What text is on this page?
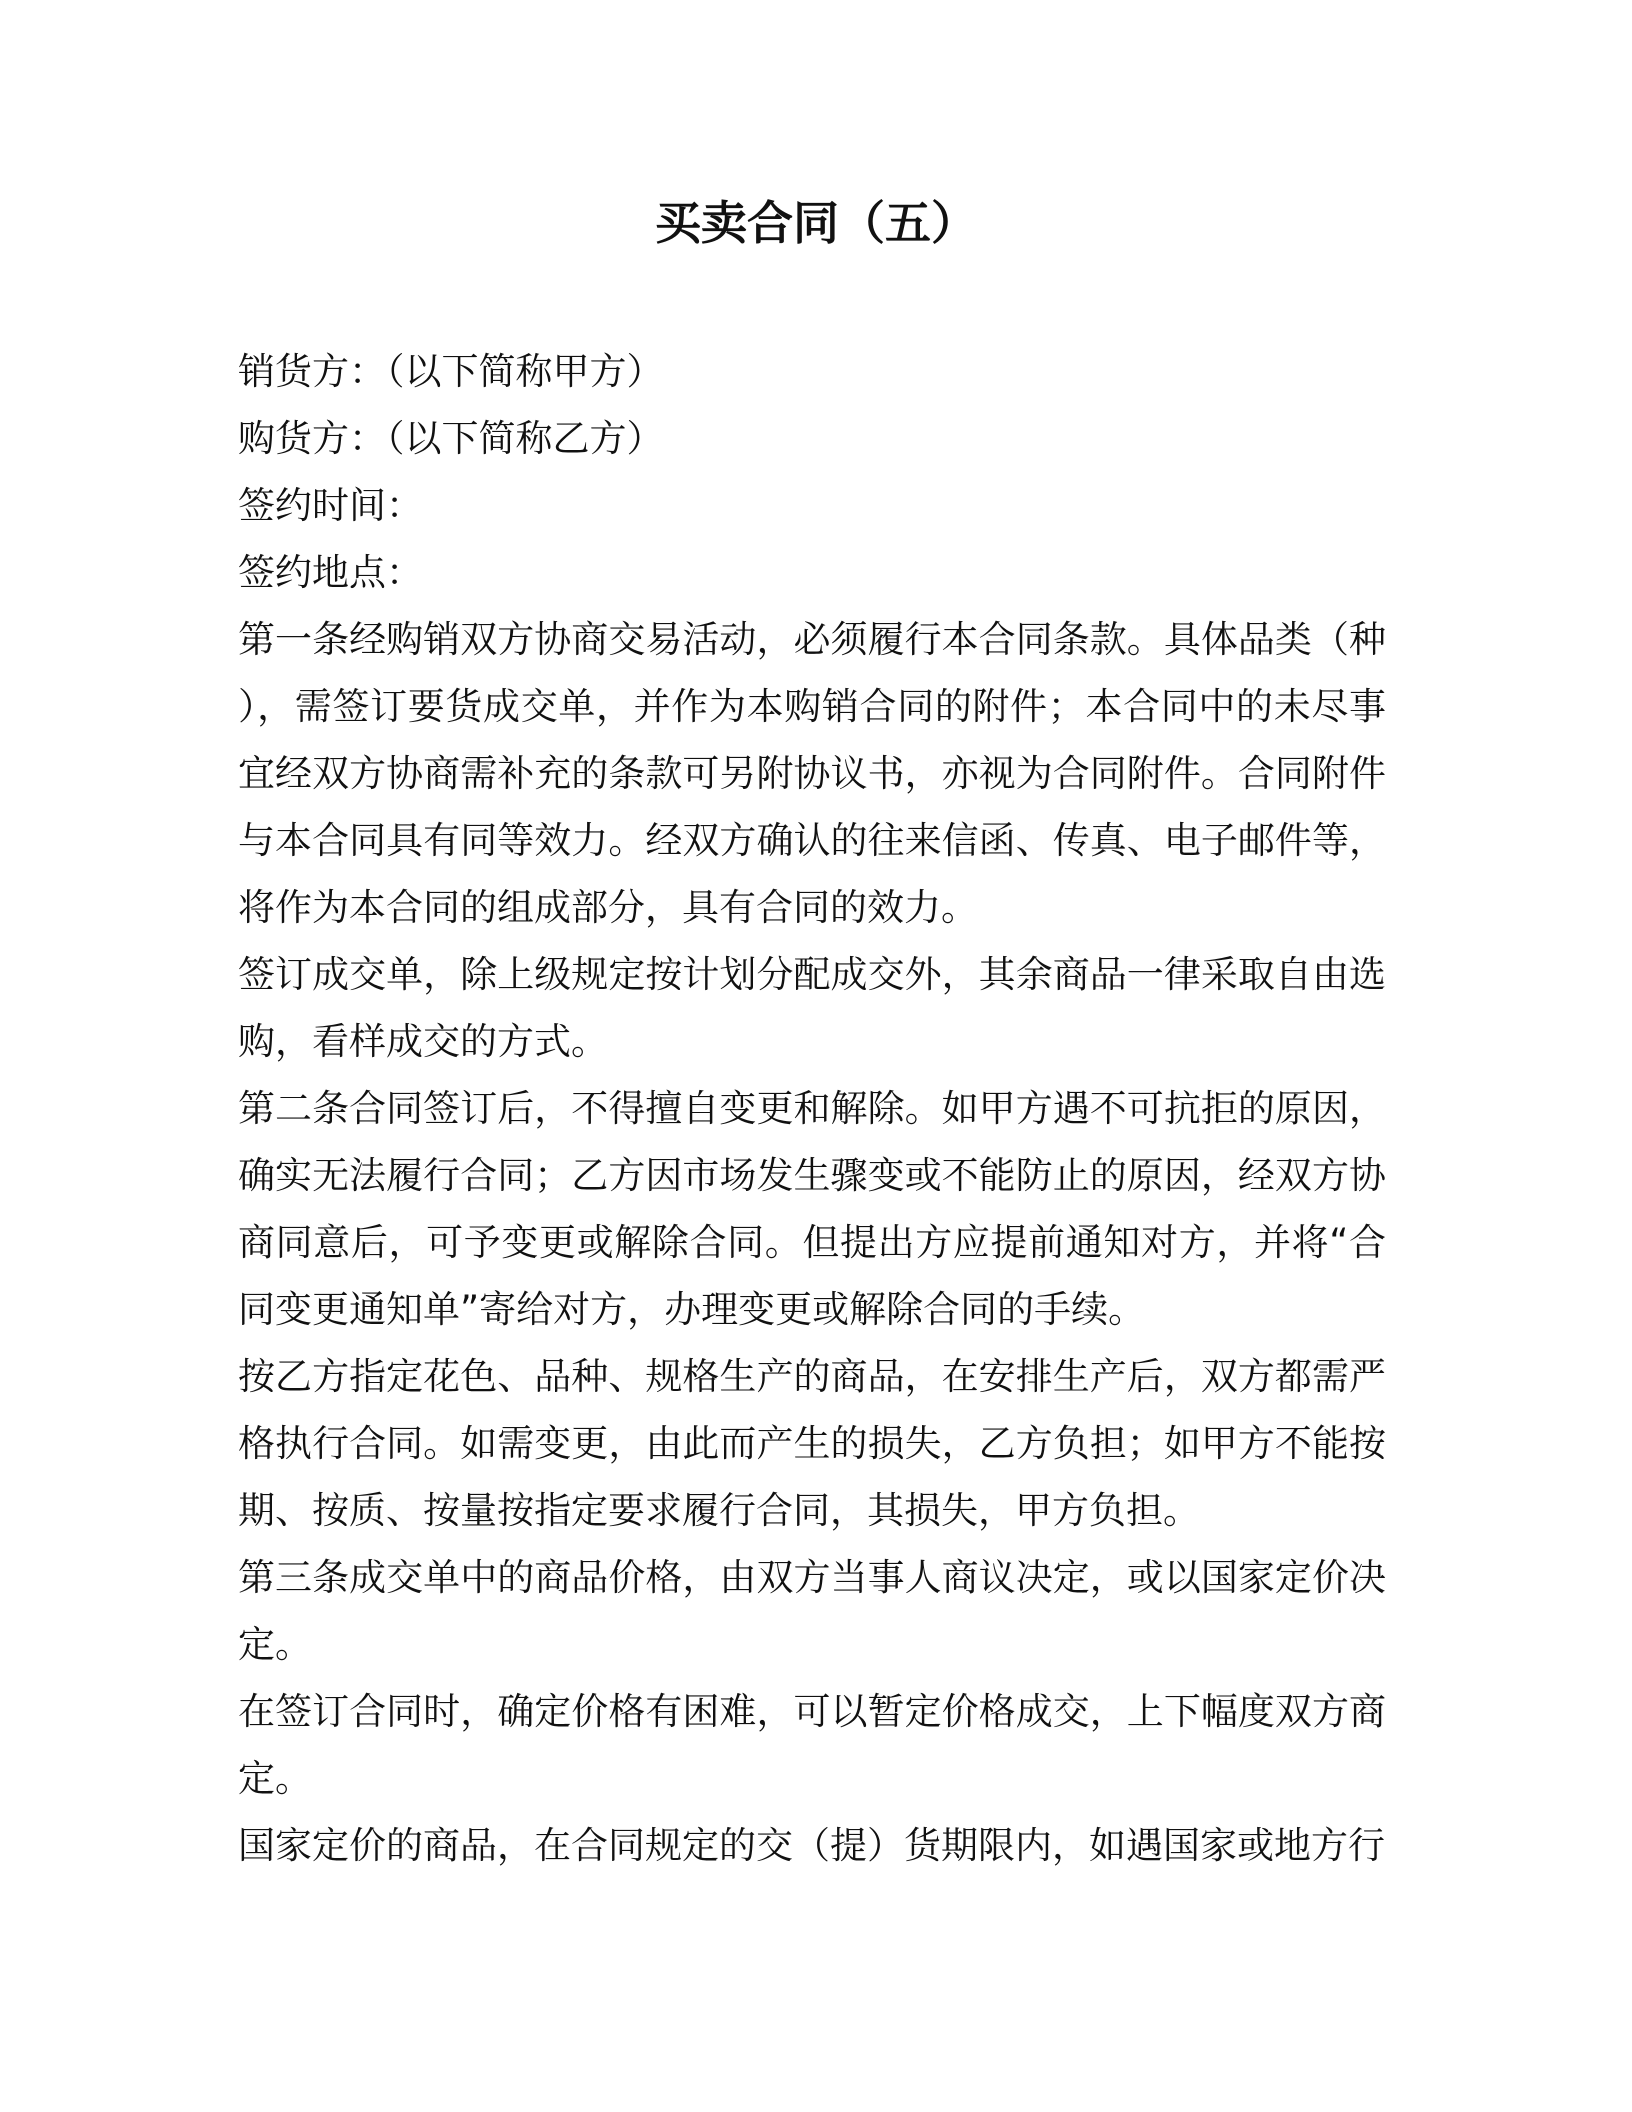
买卖合同（五）

销货方：（以下简称甲方）

购货方：（以下简称乙方）

签约时间：

签约地点：

第一条经购销双方协商交易活动，必须履行本合同条款。具体品类（种），需签订要货成交单，并作为本购销合同的附件；本合同中的未尽事宜经双方协商需补充的条款可另附协议书，亦视为合同附件。合同附件与本合同具有同等效力。经双方确认的往来信函、传真、电子邮件等，将作为本合同的组成部分，具有合同的效力。

签订成交单，除上级规定按计划分配成交外，其余商品一律采取自由选购，看样成交的方式。

第二条合同签订后，不得擅自变更和解除。如甲方遇不可抗拒的原因，确实无法履行合同；乙方因市场发生骤变或不能防止的原因，经双方协商同意后，可予变更或解除合同。但提出方应提前通知对方，并将“合同变更通知单”寄给对方，办理变更或解除合同的手续。

按乙方指定花色、品种、规格生产的商品，在安排生产后，双方都需严格执行合同。如需变更，由此而产生的损失，乙方负担；如甲方不能按期、按质、按量按指定要求履行合同，其损失，甲方负担。

第三条成交单中的商品价格，由双方当事人商议决定，或以国家定价决定。

在签订合同时，确定价格有困难，可以暂定价格成交，上下幅度双方商定。

国家定价的商品，在合同规定的交（提）货期限内，如遇国家或地方行
